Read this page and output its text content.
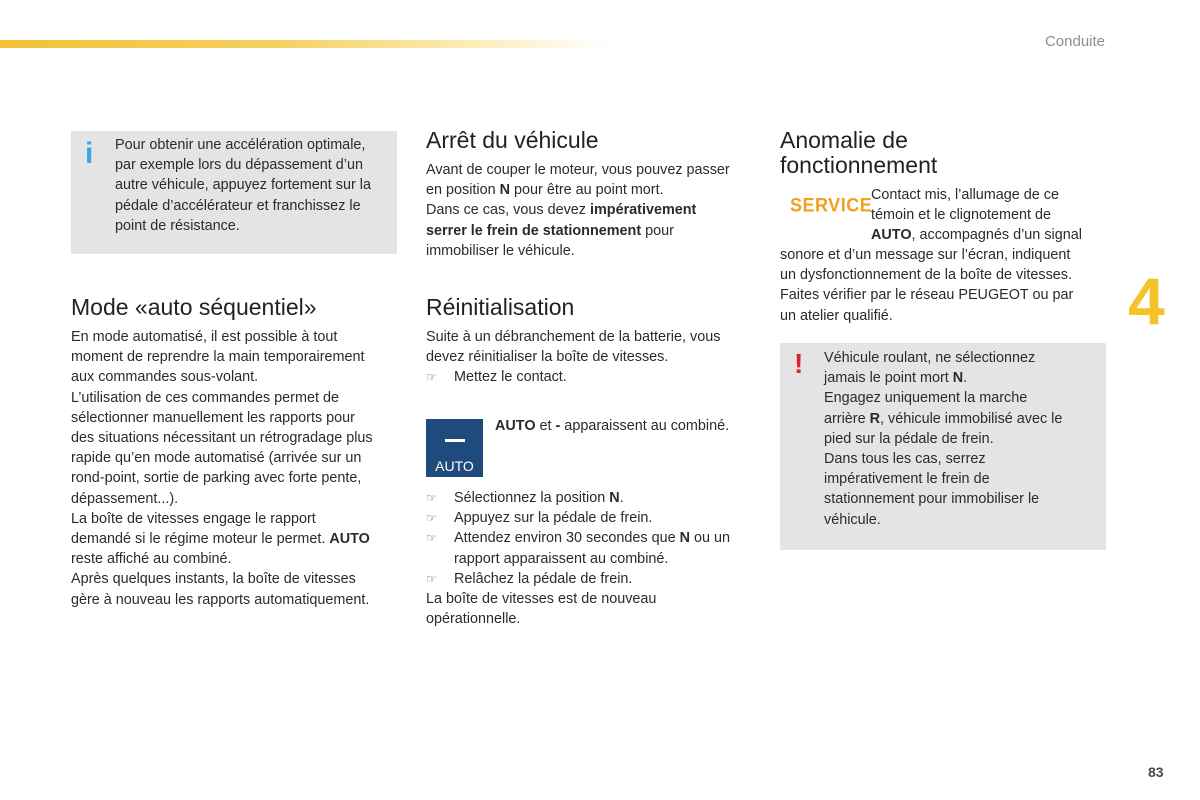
Conduite
4
83
i	Pour obtenir une accélération optimale,
par exemple lors du dépassement d’un
autre véhicule, appuyez fortement sur la
pédale d’accélérateur et franchissez le
point de résistance.

Mode «auto séquentiel»

En mode automatisé, il est possible à tout
moment de reprendre la main temporairement
aux commandes sous-volant.
L’utilisation de ces commandes permet de
sélectionner manuellement les rapports pour
des situations nécessitant un rétrogradage plus
rapide qu’en mode automatisé (arrivée sur un
rond-point, sortie de parking avec forte pente,
dépassement...).
La boîte de vitesses engage le rapport
demandé si le régime moteur le permet. AUTO
reste affiché au combiné.
Après quelques instants, la boîte de vitesses
gère à nouveau les rapports automatiquement.

Arrêt du véhicule

Avant de couper le moteur, vous pouvez passer
en position N pour être au point mort.
Dans ce cas, vous devez impérativement
serrer le frein de stationnement pour
immobiliser le véhicule.

Réinitialisation

Suite à un débranchement de la batterie, vous
devez réinitialiser la boîte de vitesses.

☞ Mettez le contact.
AUTO

AUTO et - apparaissent au combiné.

☞ Sélectionnez la position N.
☞ Appuyez sur la pédale de frein.
☞ Attendez environ 30 secondes que N ou un
rapport apparaissent au combiné.
☞ Relâchez la pédale de frein.

La boîte de vitesses est de nouveau
opérationnelle.

Anomalie de
fonctionnement
SERVICE

Contact mis, l’allumage de ce
témoin et le clignotement de
AUTO, accompagnés d’un signal

sonore et d’un message sur l’écran, indiquent
un dysfonctionnement de la boîte de vitesses.
Faites vérifier par le réseau PEUGEOT ou par
un atelier qualifié.

! Véhicule roulant, ne sélectionnez
jamais le point mort N.
Engagez uniquement la marche
arrière R, véhicule immobilisé avec le
pied sur la pédale de frein.
Dans tous les cas, serrez
impérativement le frein de
stationnement pour immobiliser le
véhicule.
